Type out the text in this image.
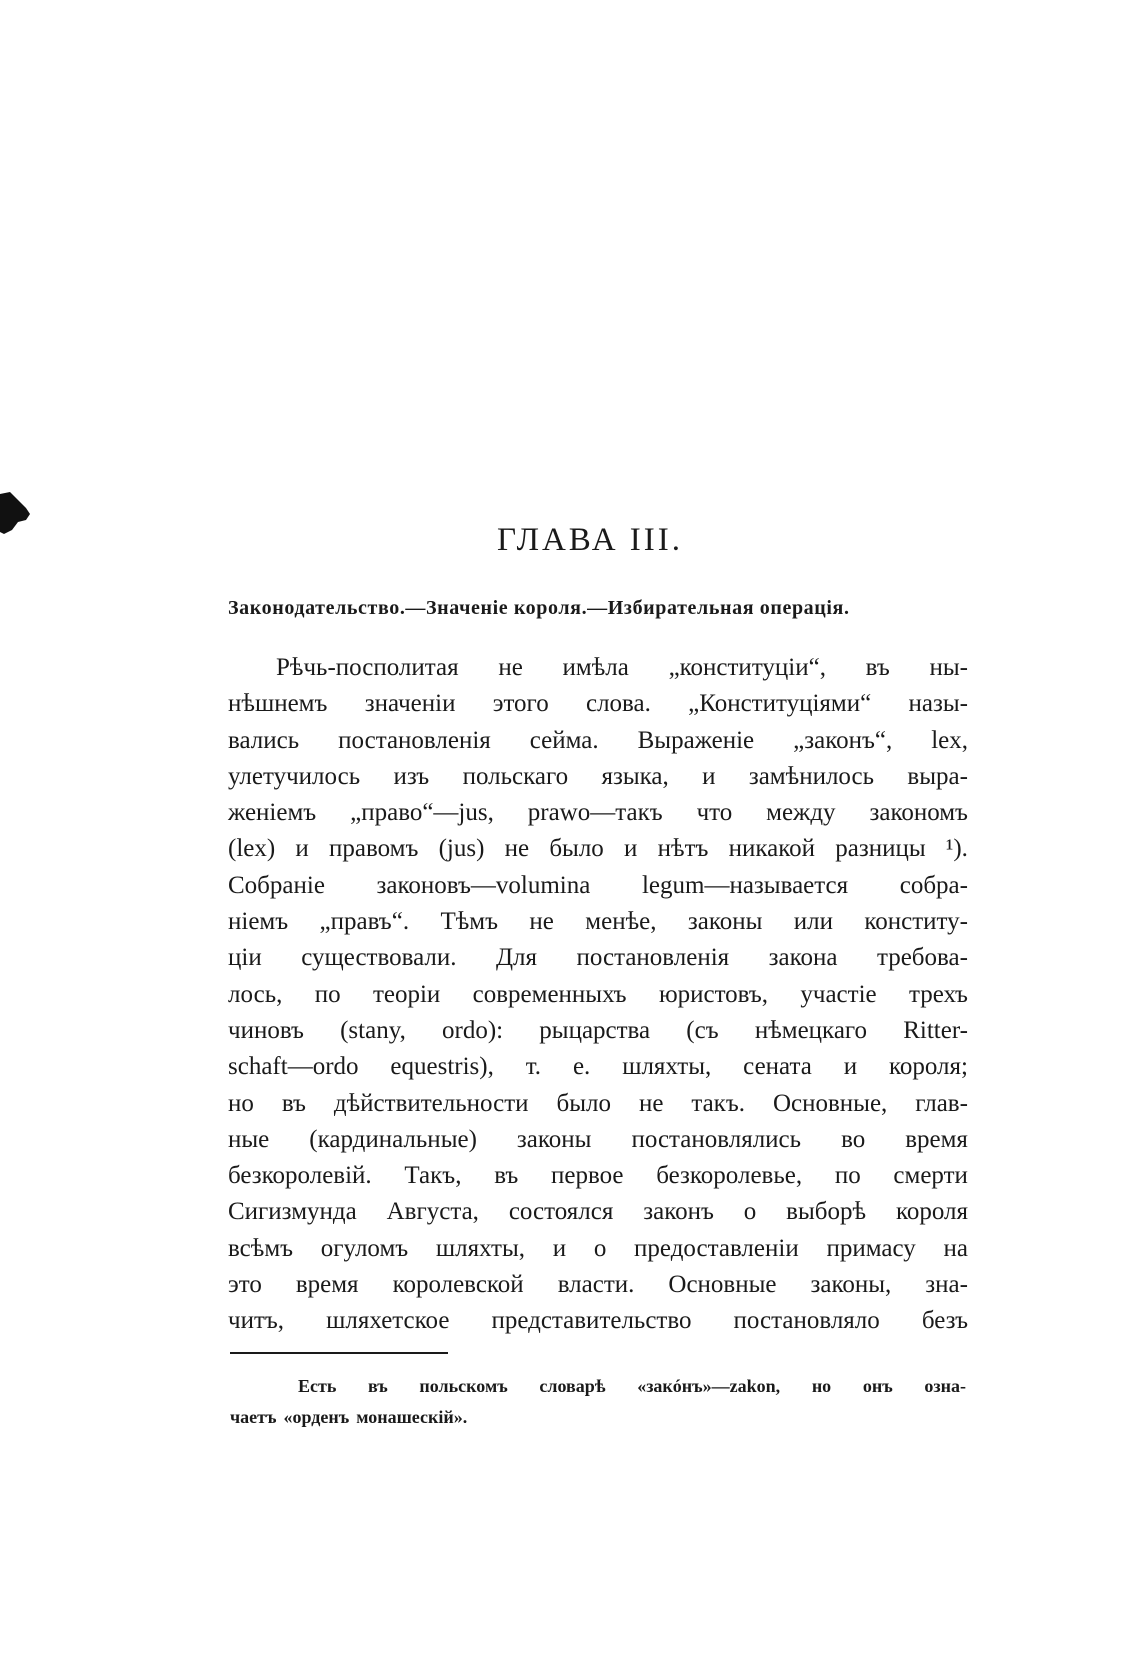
ГЛАВА III.
Законодательство.—Значеніе короля.—Избирательная операція.
Рѣчь-посполитая не имѣла „конституціи“, въ ны-
нѣшнемъ значеніи этого слова. „Конституціями“ назы-
вались постановленія сейма. Выраженіе „законъ“, lex,
улетучилось изъ польскаго языка, и замѣнилось выра-
женіемъ „право“—jus, prawo—такъ что между закономъ
(lex) и правомъ (jus) не было и нѣтъ никакой разницы ¹).
Собраніе законовъ—volumina legum—называется собра-
ніемъ „правъ“. Тѣмъ не менѣе, законы или конститу-
ціи существовали. Для постановленія закона требова-
лось, по теоріи современныхъ юристовъ, участіе трехъ
чиновъ (stany, ordo): рыцарства (съ нѣмецкаго Ritter-
schaft—ordo equestris), т. е. шляхты, сената и короля;
но въ дѣйствительности было не такъ. Основные, глав-
ные (кардинальные) законы постановлялись во время
безкоролевій. Такъ, въ первое безкоролевье, по смерти
Сигизмунда Августа, состоялся законъ о выборѣ короля
всѣмъ огуломъ шляхты, и о предоставленіи примасу на
это время королевской власти. Основные законы, зна-
читъ, шляхетское представительство постановляло безъ
Есть въ польскомъ словарѣ «закóнъ»—zakon, но онъ озна-
чаетъ «орденъ монашескій».
